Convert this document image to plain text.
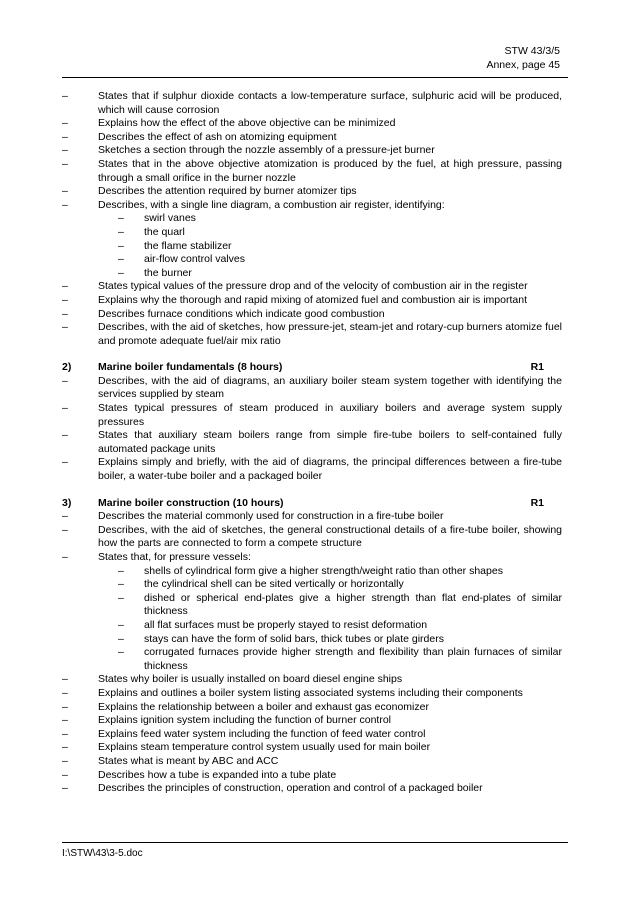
STW 43/3/5
Annex, page 45
–	States that if sulphur dioxide contacts a low-temperature surface, sulphuric acid will be produced, which will cause corrosion
–	Explains how the effect of the above objective can be minimized
–	Describes the effect of ash on atomizing equipment
–	Sketches a section through the nozzle assembly of a pressure-jet burner
–	States that in the above objective atomization is produced by the fuel, at high pressure, passing through a small orifice in the burner nozzle
–	Describes the attention required by burner atomizer tips
–	Describes, with a single line diagram, a combustion air register, identifying:
– swirl vanes
– the quarl
– the flame stabilizer
– air-flow control valves
– the burner
–	States typical values of the pressure drop and of the velocity of combustion air in the register
–	Explains why the thorough and rapid mixing of atomized fuel and combustion air is important
–	Describes furnace conditions which indicate good combustion
–	Describes, with the aid of sketches, how pressure-jet, steam-jet and rotary-cup burners atomize fuel and promote adequate fuel/air mix ratio
2)	Marine boiler fundamentals (8 hours)	R1
–	Describes, with the aid of diagrams, an auxiliary boiler steam system together with identifying the services supplied by steam
–	States typical pressures of steam produced in auxiliary boilers and average system supply pressures
–	States that auxiliary steam boilers range from simple fire-tube boilers to self-contained fully automated package units
–	Explains simply and briefly, with the aid of diagrams, the principal differences between a fire-tube boiler, a water-tube boiler and a packaged boiler
3)	Marine boiler construction (10 hours)	R1
–	Describes the material commonly used for construction in a fire-tube boiler
–	Describes, with the aid of sketches, the general constructional details of a fire-tube boiler, showing how the parts are connected to form a compete structure
–	States that, for pressure vessels:
– shells of cylindrical form give a higher strength/weight ratio than other shapes
– the cylindrical shell can be sited vertically or horizontally
– dished or spherical end-plates give a higher strength than flat end-plates of similar thickness
– all flat surfaces must be properly stayed to resist deformation
– stays can have the form of solid bars, thick tubes or plate girders
– corrugated furnaces provide higher strength and flexibility than plain furnaces of similar thickness
–	States why boiler is usually installed on board diesel engine ships
–	Explains and outlines a boiler system listing associated systems including their components
–	Explains the relationship between a boiler and exhaust gas economizer
–	Explains ignition system including the function of burner control
–	Explains feed water system including the function of feed water control
–	Explains steam temperature control system usually used for main boiler
–	States what is meant by ABC and ACC
–	Describes how a tube is expanded into a tube plate
–	Describes the principles of construction, operation and control of a packaged boiler
I:\STW\43\3-5.doc
